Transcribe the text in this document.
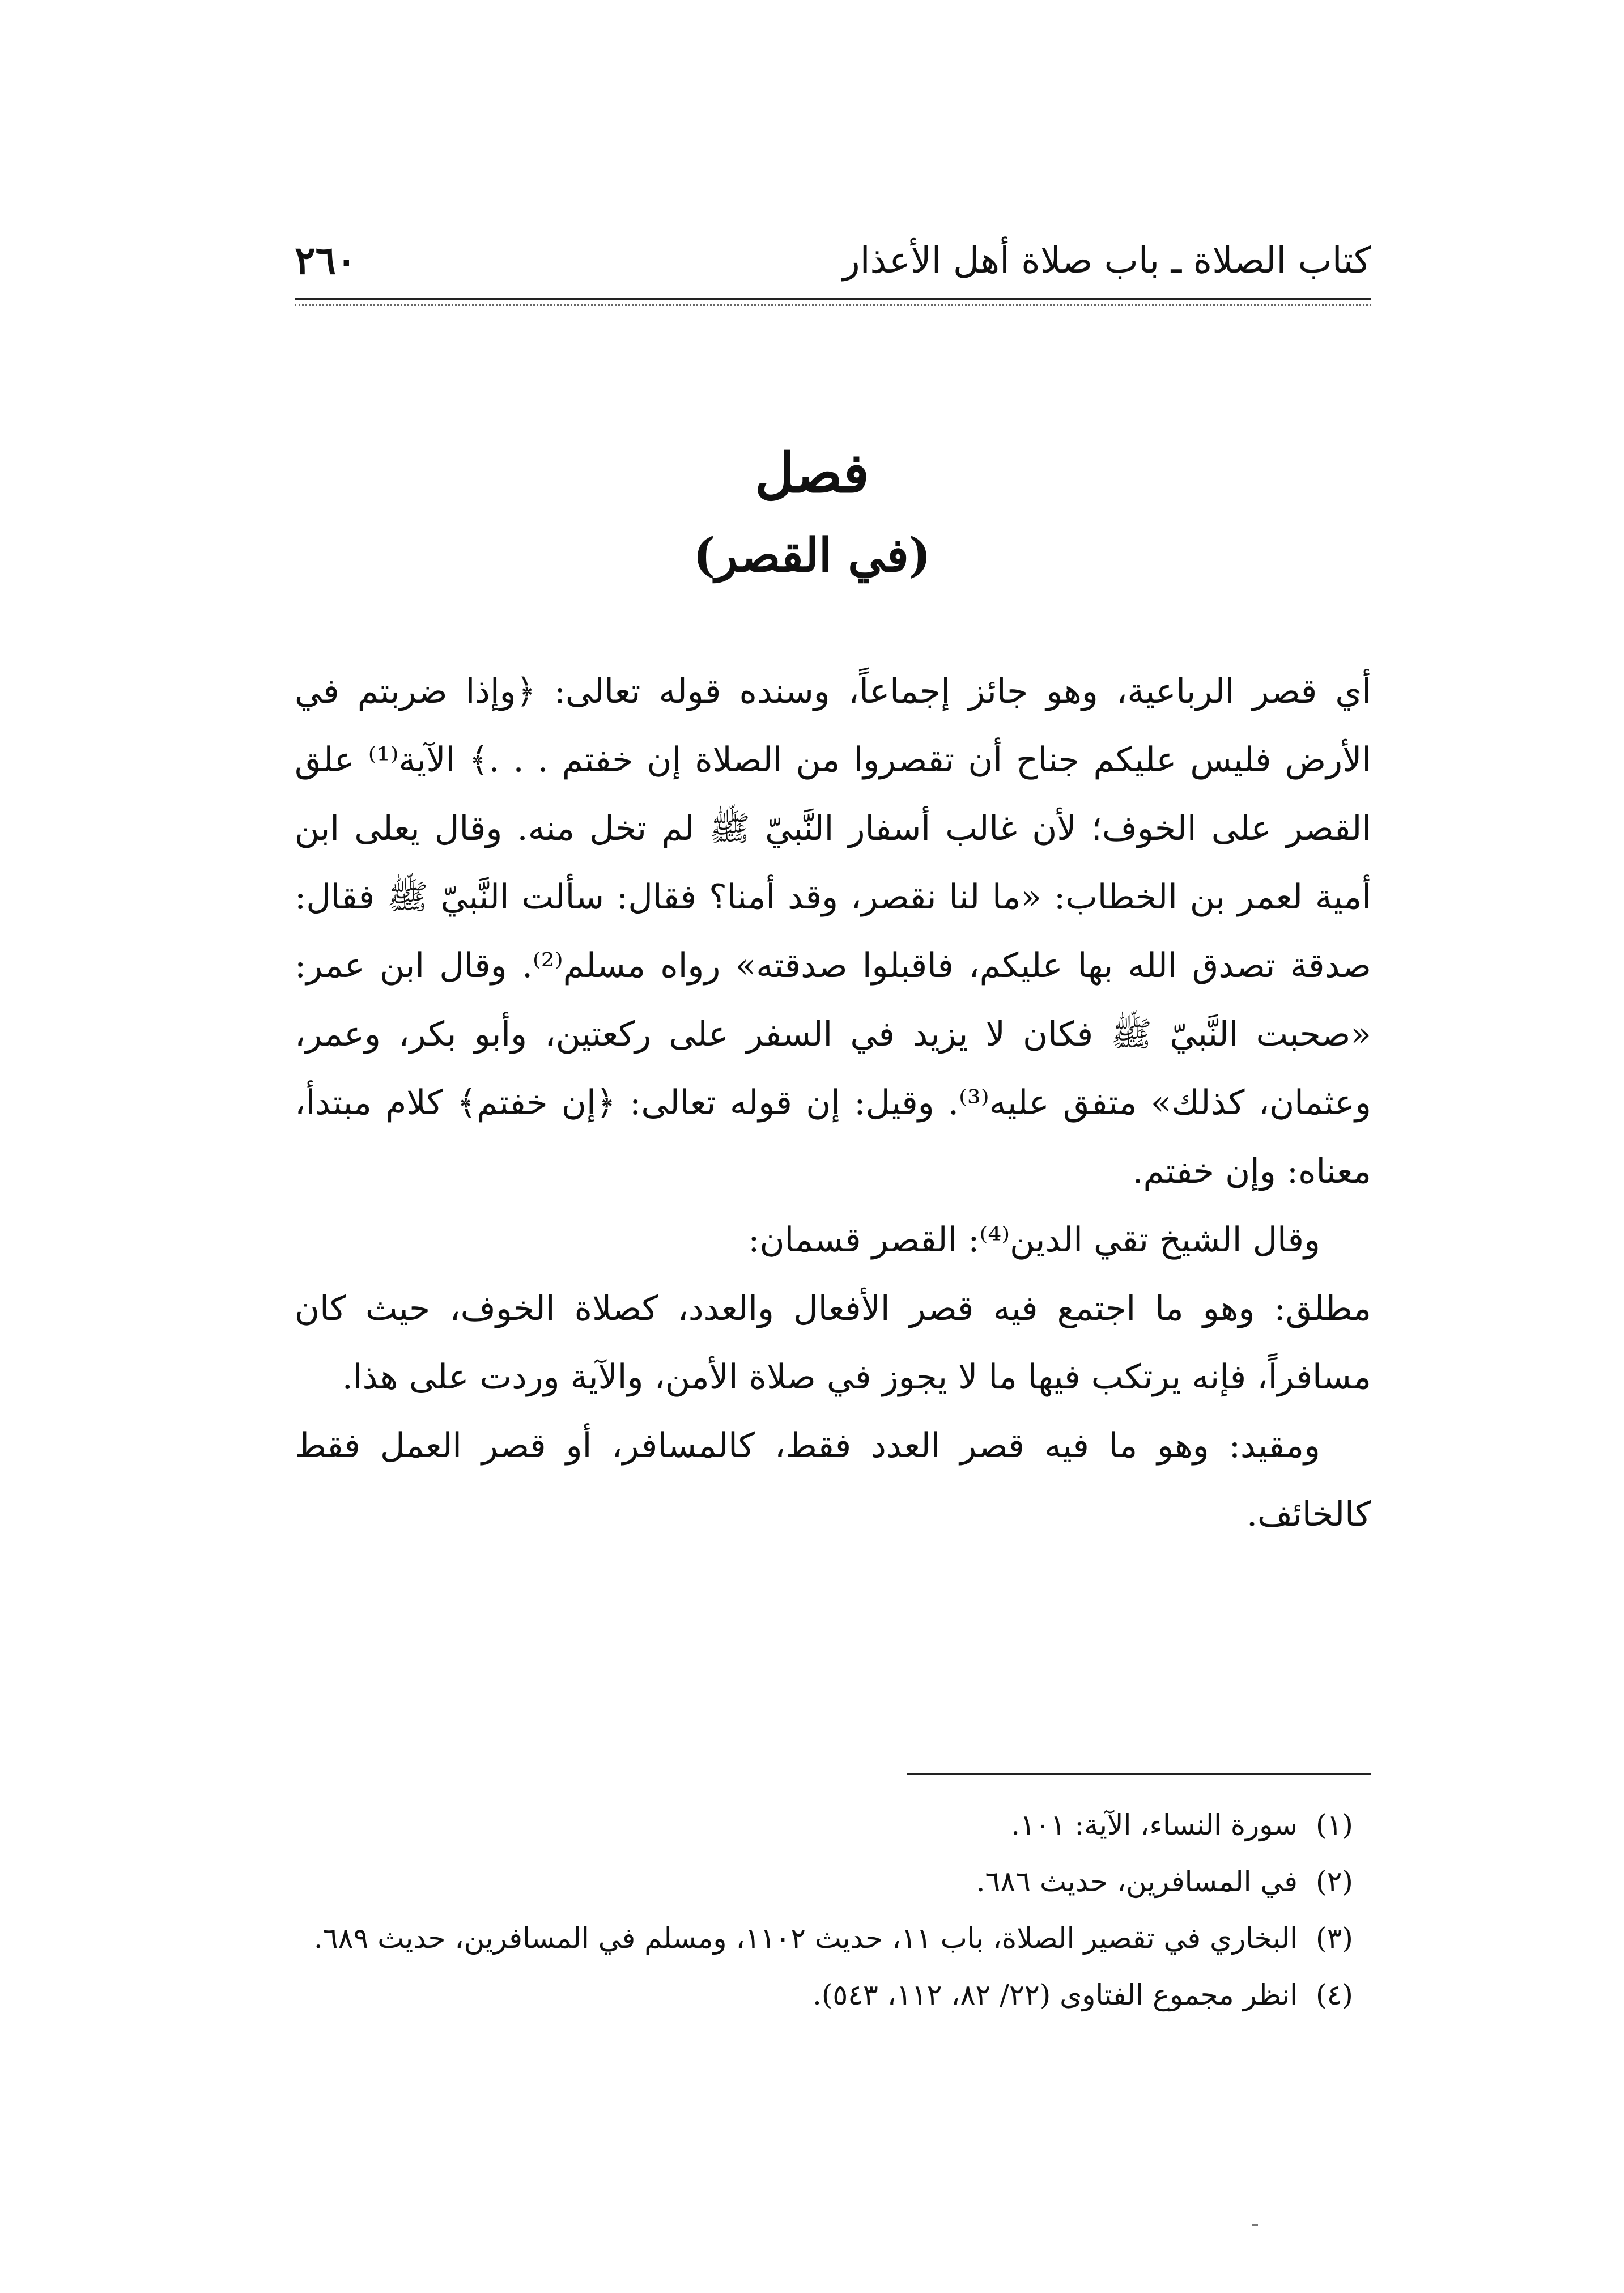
كتاب الصلاة ـ باب صلاة أهل الأعذار
٢٦٠
فصل
(في القصر)

أي قصر الرباعية، وهو جائز إجماعاً، وسنده قوله تعالى: ﴿وإذا ضربتم في الأرض فليس عليكم جناح أن تقصروا من الصلاة إن خفتم . . .﴾ الآية⁽¹⁾ علق القصر على الخوف؛ لأن غالب أسفار النَّبيّ ﷺ لم تخل منه. وقال يعلى ابن أمية لعمر بن الخطاب: «ما لنا نقصر، وقد أمنا؟ فقال: سألت النَّبيّ ﷺ فقال: صدقة تصدق الله بها عليكم، فاقبلوا صدقته» رواه مسلم⁽²⁾. وقال ابن عمر: «صحبت النَّبيّ ﷺ فكان لا يزيد في السفر على ركعتين، وأبو بكر، وعمر، وعثمان، كذلك» متفق عليه⁽³⁾. وقيل: إن قوله تعالى: ﴿إن خفتم﴾ كلام مبتدأ، معناه: وإن خفتم.

وقال الشيخ تقي الدين⁽⁴⁾: القصر قسمان:

مطلق: وهو ما اجتمع فيه قصر الأفعال والعدد، كصلاة الخوف، حيث كان مسافراً، فإنه يرتكب فيها ما لا يجوز في صلاة الأمن، والآية وردت على هذا.

ومقيد: وهو ما فيه قصر العدد فقط، كالمسافر، أو قصر العمل فقط كالخائف.

(١)
سورة النساء، الآية: ١٠١.
(٢)
في المسافرين، حديث ٦٨٦.
(٣)
البخاري في تقصير الصلاة، باب ١١، حديث ١١٠٢، ومسلم في المسافرين، حديث ٦٨٩.
(٤)
انظر مجموع الفتاوى (٢٢/ ٨٢، ١١٢، ٥٤٣).
